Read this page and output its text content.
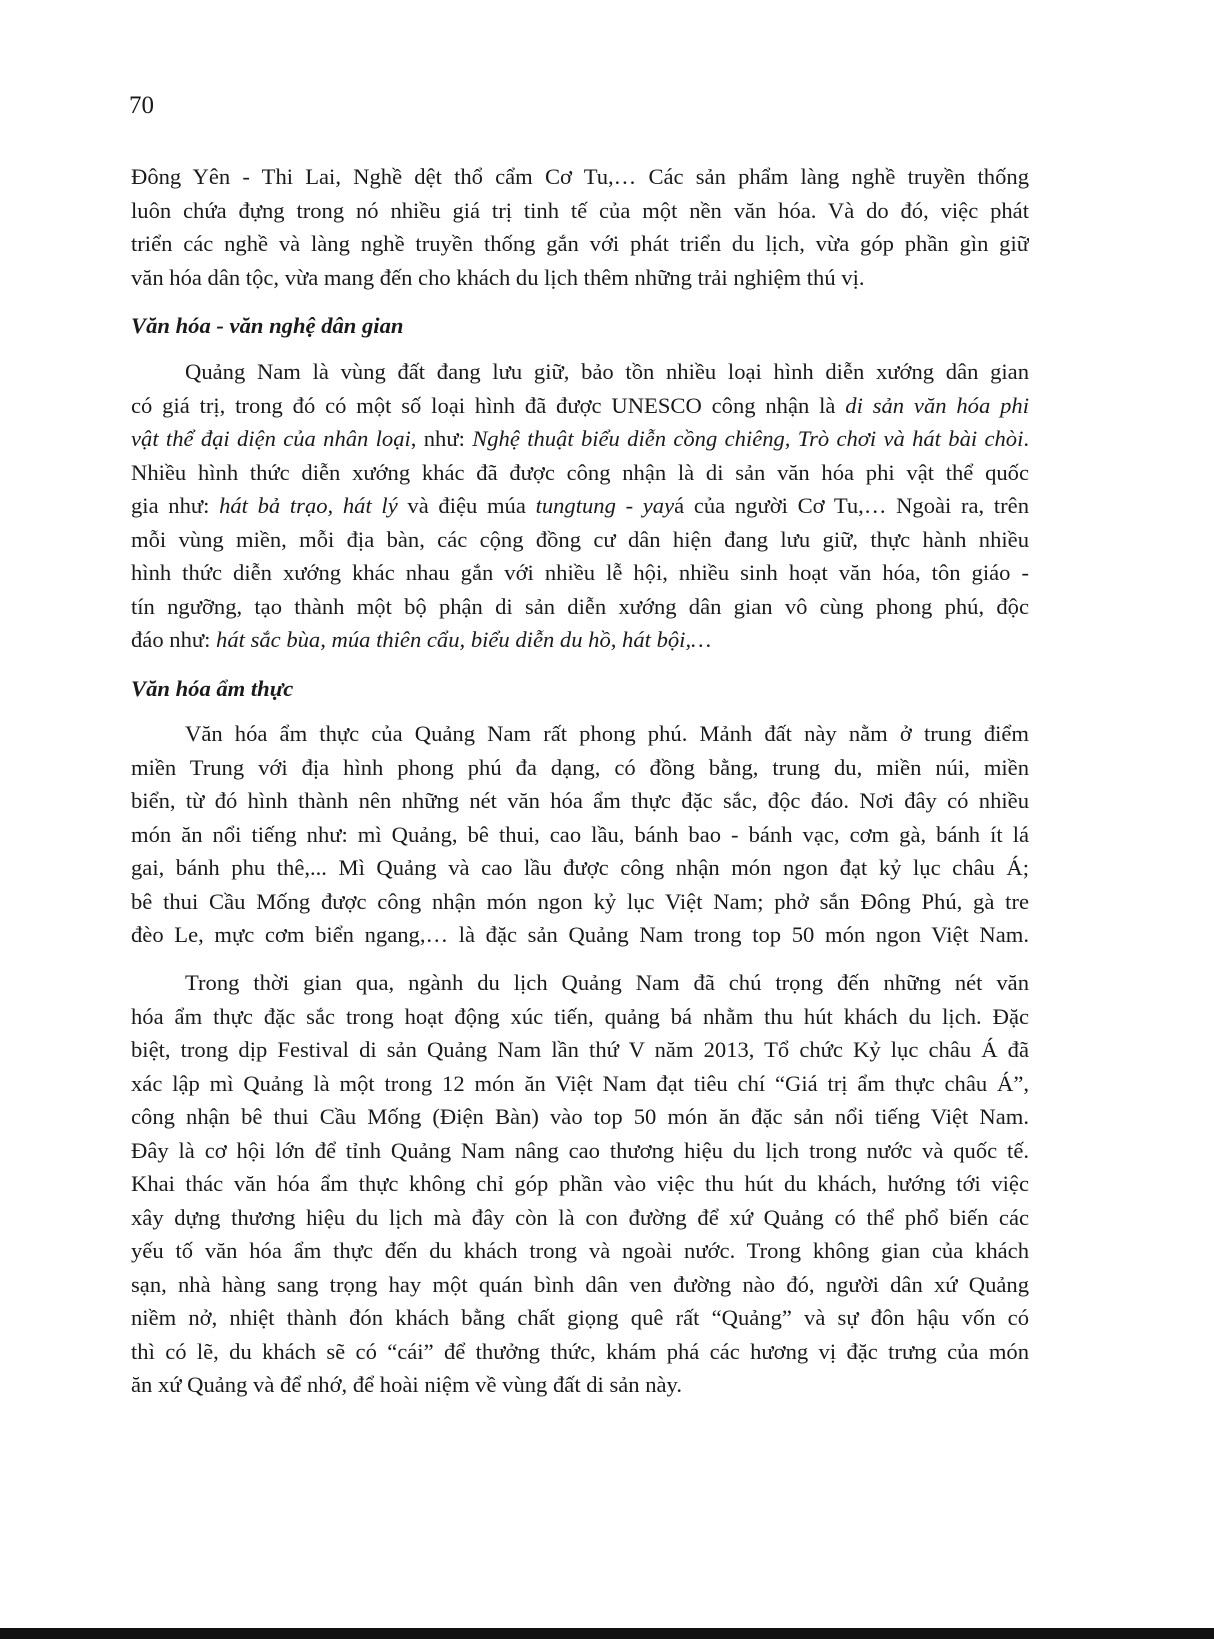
70
Đông Yên - Thi Lai, Nghề dệt thổ cẩm Cơ Tu,… Các sản phẩm làng nghề truyền thống
luôn chứa đựng trong nó nhiều giá trị tinh tế của một nền văn hóa. Và do đó, việc phát
triển các nghề và làng nghề truyền thống gắn với phát triển du lịch, vừa góp phần gìn giữ
văn hóa dân tộc, vừa mang đến cho khách du lịch thêm những trải nghiệm thú vị.
Văn hóa - văn nghệ dân gian
Quảng Nam là vùng đất đang lưu giữ, bảo tồn nhiều loại hình diễn xướng dân gian
có giá trị, trong đó có một số loại hình đã được UNESCO công nhận là di sản văn hóa phi
vật thể đại diện của nhân loại, như: Nghệ thuật biểu diễn cồng chiêng, Trò chơi và hát bài chòi.
Nhiều hình thức diễn xướng khác đã được công nhận là di sản văn hóa phi vật thể quốc
gia như: hát bả trạo, hát lý và điệu múa tungtung - yayá của người Cơ Tu,… Ngoài ra, trên
mỗi vùng miền, mỗi địa bàn, các cộng đồng cư dân hiện đang lưu giữ, thực hành nhiều
hình thức diễn xướng khác nhau gắn với nhiều lễ hội, nhiều sinh hoạt văn hóa, tôn giáo -
tín ngưỡng, tạo thành một bộ phận di sản diễn xướng dân gian vô cùng phong phú, độc
đáo như: hát sắc bùa, múa thiên cẩu, biểu diễn du hồ, hát bội,…
Văn hóa ẩm thực
Văn hóa ẩm thực của Quảng Nam rất phong phú. Mảnh đất này nằm ở trung điểm
miền Trung với địa hình phong phú đa dạng, có đồng bằng, trung du, miền núi, miền
biển, từ đó hình thành nên những nét văn hóa ẩm thực đặc sắc, độc đáo. Nơi đây có nhiều
món ăn nổi tiếng như: mì Quảng, bê thui, cao lầu, bánh bao - bánh vạc, cơm gà, bánh ít lá
gai, bánh phu thê,... Mì Quảng và cao lầu được công nhận món ngon đạt kỷ lục châu Á;
bê thui Cầu Mống được công nhận món ngon kỷ lục Việt Nam; phở sắn Đông Phú, gà tre
đèo Le, mực cơm biển ngang,… là đặc sản Quảng Nam trong top 50 món ngon Việt Nam.
Trong thời gian qua, ngành du lịch Quảng Nam đã chú trọng đến những nét văn
hóa ẩm thực đặc sắc trong hoạt động xúc tiến, quảng bá nhằm thu hút khách du lịch. Đặc
biệt, trong dịp Festival di sản Quảng Nam lần thứ V năm 2013, Tổ chức Kỷ lục châu Á đã
xác lập mì Quảng là một trong 12 món ăn Việt Nam đạt tiêu chí “Giá trị ẩm thực châu Á”,
công nhận bê thui Cầu Mống (Điện Bàn) vào top 50 món ăn đặc sản nổi tiếng Việt Nam.
Đây là cơ hội lớn để tỉnh Quảng Nam nâng cao thương hiệu du lịch trong nước và quốc tế.
Khai thác văn hóa ẩm thực không chỉ góp phần vào việc thu hút du khách, hướng tới việc
xây dựng thương hiệu du lịch mà đây còn là con đường để xứ Quảng có thể phổ biến các
yếu tố văn hóa ẩm thực đến du khách trong và ngoài nước. Trong không gian của khách
sạn, nhà hàng sang trọng hay một quán bình dân ven đường nào đó, người dân xứ Quảng
niềm nở, nhiệt thành đón khách bằng chất giọng quê rất “Quảng” và sự đôn hậu vốn có
thì có lẽ, du khách sẽ có “cái” để thưởng thức, khám phá các hương vị đặc trưng của món
ăn xứ Quảng và để nhớ, để hoài niệm về vùng đất di sản này.
